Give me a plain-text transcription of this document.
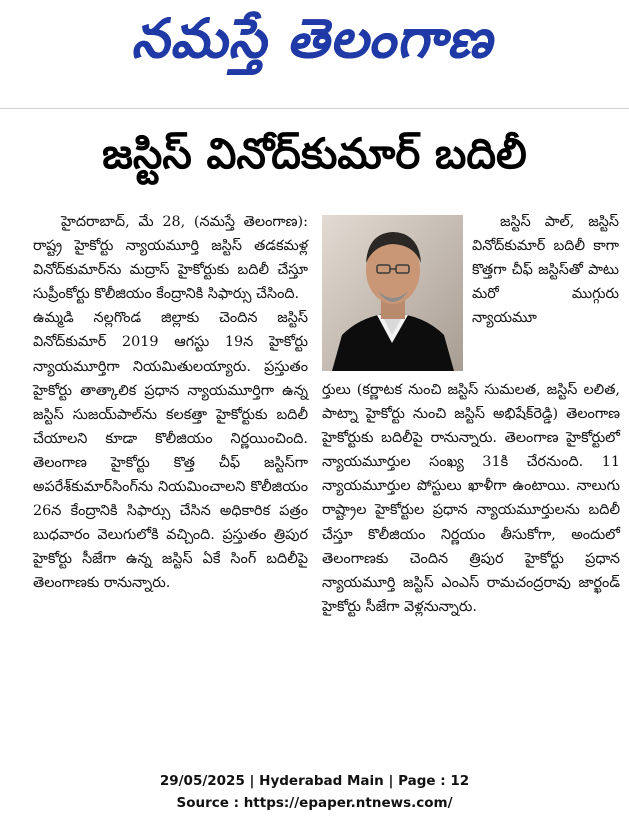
నమస్తే తెలంగాణ
జస్టిస్ వినోద్‌కుమార్ బదిలీ

హైదరాబాద్, మే 28, (నమస్తే తెలంగాణ): రాష్ట్ర హైకోర్టు న్యాయమూర్తి జస్టిస్ తడకమళ్ల వినోద్‌కుమార్‌ను మద్రాస్ హైకోర్టుకు బదిలీ చేస్తూ సుప్రీంకోర్టు కొలీజియం కేంద్రానికి సిఫార్సు చేసింది.

ఉమ్మడి నల్లగొండ జిల్లాకు చెందిన జస్టిస్ వినోద్‌కుమార్ 2019 ఆగస్టు 19న హైకోర్టు న్యాయమూర్తిగా నియమితులయ్యారు. ప్రస్తుతం హైకోర్టు తాత్కాలిక ప్రధాన న్యాయమూర్తిగా ఉన్న జస్టిస్ సుజయ్‌పాల్‌ను కలకత్తా హైకోర్టుకు బదిలీ చేయాలని కూడా కొలీజియం నిర్ణయించింది. తెలంగాణ హైకోర్టు కొత్త చీఫ్ జస్టిస్‌గా అపరేశ్‌కుమార్‌సింగ్‌ను నియమించాలని కొలీజియం 26న కేంద్రానికి సిఫార్సు చేసిన అధికారిక పత్రం బుధవారం వెలుగులోకి వచ్చింది. ప్రస్తుతం త్రిపుర హైకోర్టు సీజేగా ఉన్న జస్టిస్ ఏకే సింగ్ బదిలీపై తెలంగాణకు రానున్నారు.

జస్టిస్ పాల్, జస్టిస్ వినోద్‌కుమార్ బదిలీ కాగా కొత్తగా చీఫ్ జస్టిస్‌తో పాటు మరో ముగ్గురు న్యాయమూ

ర్తులు (కర్ణాటక నుంచి జస్టిస్ సుమలత, జస్టిస్ లలిత, పాట్నా హైకోర్టు నుంచి జస్టిస్ అభిషేక్‌రెడ్డి) తెలంగాణ హైకోర్టుకు బదిలీపై రానున్నారు. తెలంగాణ హైకోర్టులో న్యాయమూర్తుల సంఖ్య 31కి చేరనుంది. 11 న్యాయమూర్తుల పోస్టులు ఖాళీగా ఉంటాయి. నాలుగు రాష్ట్రాల హైకోర్టుల ప్రధాన న్యాయమూర్తులను బదిలీ చేస్తూ కొలీజియం నిర్ణయం తీసుకోగా, అందులో తెలంగాణకు చెందిన త్రిపుర హైకోర్టు ప్రధాన న్యాయమూర్తి జస్టిస్ ఎంఎస్ రామచంద్రరావు జార్ఖండ్ హైకోర్టు సీజేగా వెళ్లనున్నారు.

29/05/2025 | Hyderabad Main | Page : 12
Source : https://epaper.ntnews.com/
